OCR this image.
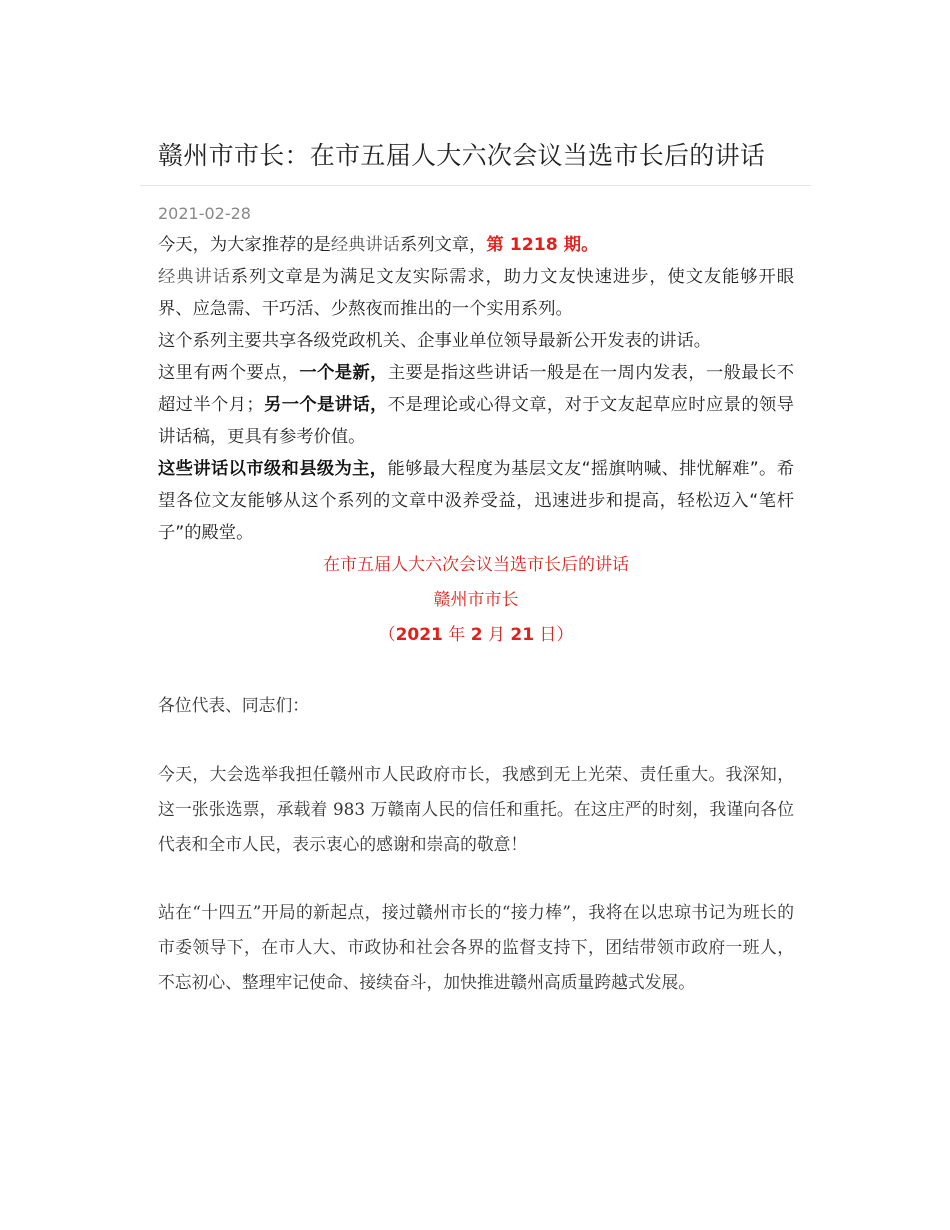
赣州市市长：在市五届人大六次会议当选市长后的讲话
2021-02-28

今天，为大家推荐的是经典讲话系列文章，第 1218 期。

经典讲话系列文章是为满足文友实际需求，助力文友快速进步，使文友能够开眼界、应急需、干巧活、少熬夜而推出的一个实用系列。

这个系列主要共享各级党政机关、企事业单位领导最新公开发表的讲话。

这里有两个要点，一个是新，主要是指这些讲话一般是在一周内发表，一般最长不超过半个月；另一个是讲话，不是理论或心得文章，对于文友起草应时应景的领导讲话稿，更具有参考价值。

这些讲话以市级和县级为主，能够最大程度为基层文友“摇旗呐喊、排忧解难”。希望各位文友能够从这个系列的文章中汲养受益，迅速进步和提高，轻松迈入“笔杆子”的殿堂。

在市五届人大六次会议当选市长后的讲话
赣州市市长
（2021 年 2 月 21 日）
各位代表、同志们：

今天，大会选举我担任赣州市人民政府市长，我感到无上光荣、责任重大。我深知，这一张张选票，承载着 983 万赣南人民的信任和重托。在这庄严的时刻，我谨向各位代表和全市人民，表示衷心的感谢和崇高的敬意！

站在“十四五”开局的新起点，接过赣州市长的“接力棒”，我将在以忠琼书记为班长的市委领导下，在市人大、市政协和社会各界的监督支持下，团结带领市政府一班人，不忘初心、整理牢记使命、接续奋斗，加快推进赣州高质量跨越式发展。
